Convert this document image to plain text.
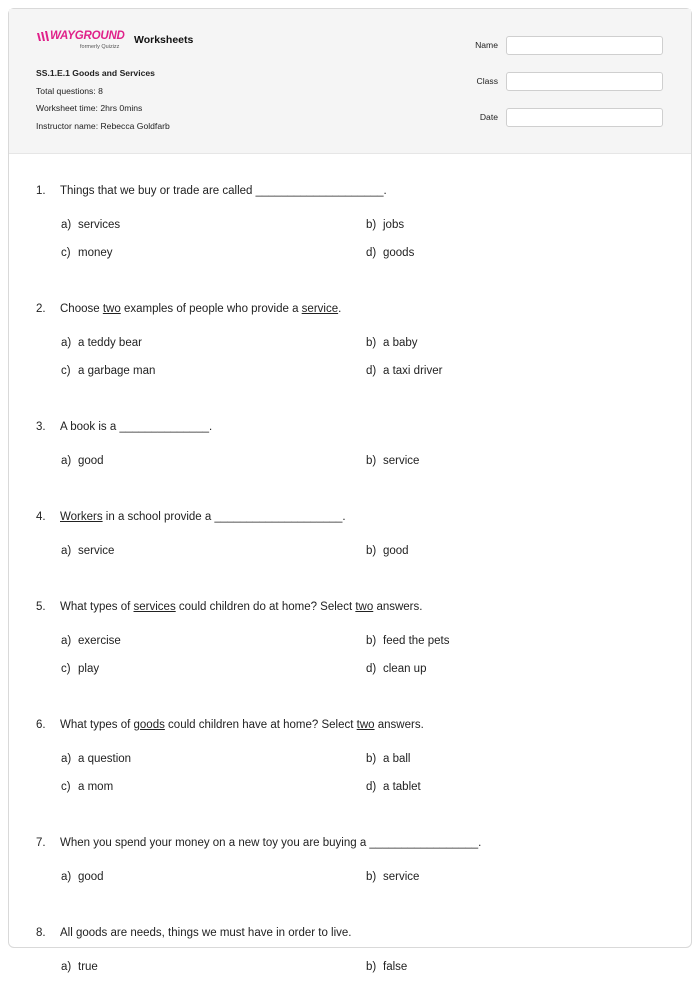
WAYGROUND
formerly Quizizz
Worksheets
SS.1.E.1 Goods and Services
Total questions: 8
Worksheet time: 2hrs 0mins
Instructor name: Rebecca Goldfarb
Name
Class
Date
1. Things that we buy or trade are called ____________________.
a) services	b) jobs
c) money	d) goods
2. Choose two examples of people who provide a service.
a) a teddy bear	b) a baby
c) a garbage man	d) a taxi driver
3. A book is a ______________.
a) good	b) service
4. Workers in a school provide a ____________________.
a) service	b) good
5. What types of services could children do at home? Select two answers.
a) exercise	b) feed the pets
c) play	d) clean up
6. What types of goods could children have at home? Select two answers.
a) a question	b) a ball
c) a mom	d) a tablet
7. When you spend your money on a new toy you are buying a _________________.
a) good	b) service
8. All goods are needs, things we must have in order to live.
a) true	b) false
